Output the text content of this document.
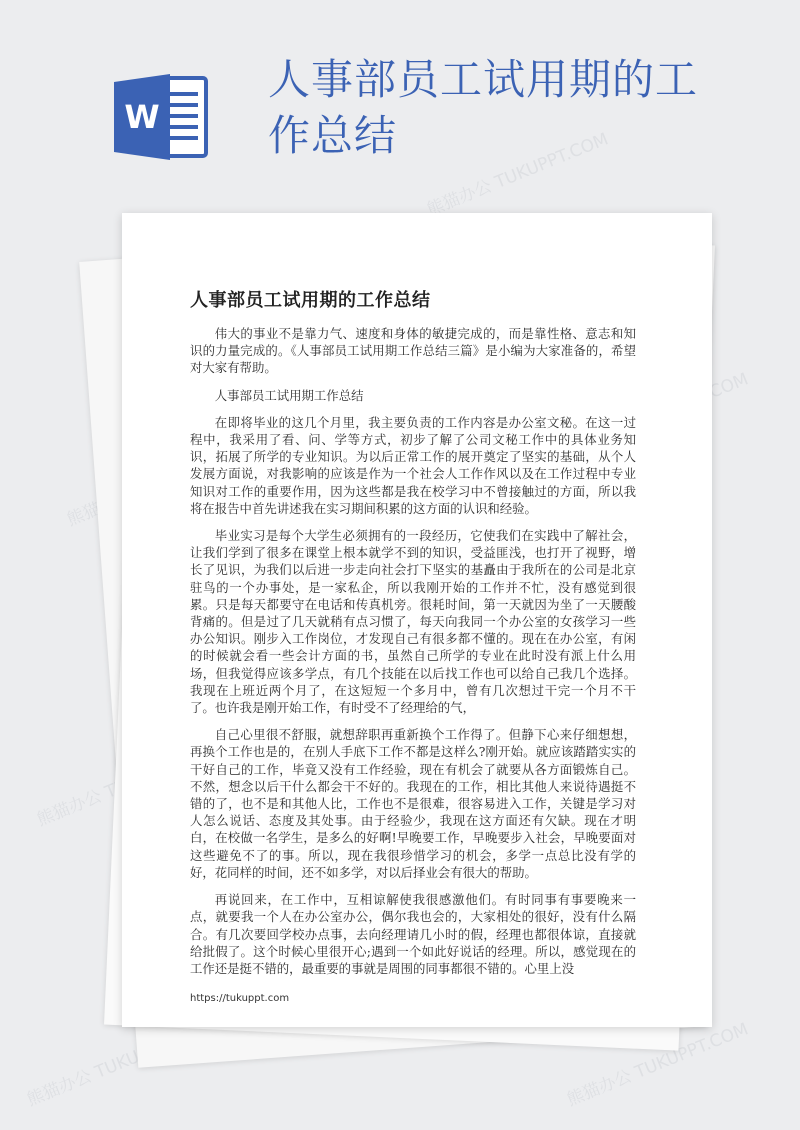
W
人事部员工试用期的工作总结	熊猫办公 TUKUPPT.COM
熊猫办公
熊猫办公 TUKUPPT.COM
熊猫办公 TUKUPPT.COM
人事部员工试用期的工作总结

伟大的事业不是靠力气、速度和身体的敏捷完成的，而是靠性格、意志和知识的力量完成的。《人事部员工试用期工作总结三篇》是小编为大家准备的，希望对大家有帮助。

人事部员工试用期工作总结

在即将毕业的这几个月里，我主要负责的工作内容是办公室文秘。在这一过程中，我采用了看、问、学等方式，初步了解了公司文秘工作中的具体业务知识，拓展了所学的专业知识。为以后正常工作的展开奠定了坚实的基础，从个人发展方面说，对我影响的应该是作为一个社会人工作作风以及在工作过程中专业知识对工作的重要作用，因为这些都是我在校学习中不曾接触过的方面，所以我将在报告中首先讲述我在实习期间积累的这方面的认识和经验。

毕业实习是每个大学生必须拥有的一段经历，它使我们在实践中了解社会，让我们学到了很多在课堂上根本就学不到的知识，受益匪浅，也打开了视野，增长了见识，为我们以后进一步走向社会打下坚实的基矗由于我所在的公司是北京驻鸟的一个办事处，是一家私企，所以我刚开始的工作并不忙，没有感觉到很累。只是每天都要守在电话和传真机旁。很耗时间，第一天就因为坐了一天腰酸背痛的。但是过了几天就稍有点习惯了，每天向我同一个办公室的女孩学习一些办公知识。刚步入工作岗位，才发现自己有很多都不懂的。现在在办公室，有闲的时候就会看一些会计方面的书，虽然自己所学的专业在此时没有派上什么用场，但我觉得应该多学点，有几个技能在以后找工作也可以给自己我几个选择。我现在上班近两个月了，在这短短一个多月中，曾有几次想过干完一个月不干了。也许我是刚开始工作，有时受不了经理给的气，

自己心里很不舒服，就想辞职再重新换个工作得了。但静下心来仔细想想，再换个工作也是的，在别人手底下工作不都是这样么?刚开始。就应该踏踏实实的干好自己的工作，毕竟又没有工作经验，现在有机会了就要从各方面锻炼自己。不然，想念以后干什么都会干不好的。我现在的工作，相比其他人来说待遇挺不错的了，也不是和其他人比，工作也不是很难，很容易进入工作，关键是学习对人怎么说话、态度及其处事。由于经验少，我现在这方面还有欠缺。现在才明白，在校做一名学生，是多么的好啊!早晚要工作，早晚要步入社会，早晚要面对这些避免不了的事。所以，现在我很珍惜学习的机会，多学一点总比没有学的好，花同样的时间，还不如多学，对以后择业会有很大的帮助。

再说回来，在工作中，互相谅解使我很感激他们。有时同事有事要晚来一点，就要我一个人在办公室办公，偶尔我也会的，大家相处的很好，没有什么隔合。有几次要回学校办点事，去向经理请几小时的假，经理也都很体谅，直接就给批假了。这个时候心里很开心;遇到一个如此好说话的经理。所以，感觉现在的工作还是挺不错的，最重要的事就是周围的同事都很不错的。心里上没

https://tukuppt.com
